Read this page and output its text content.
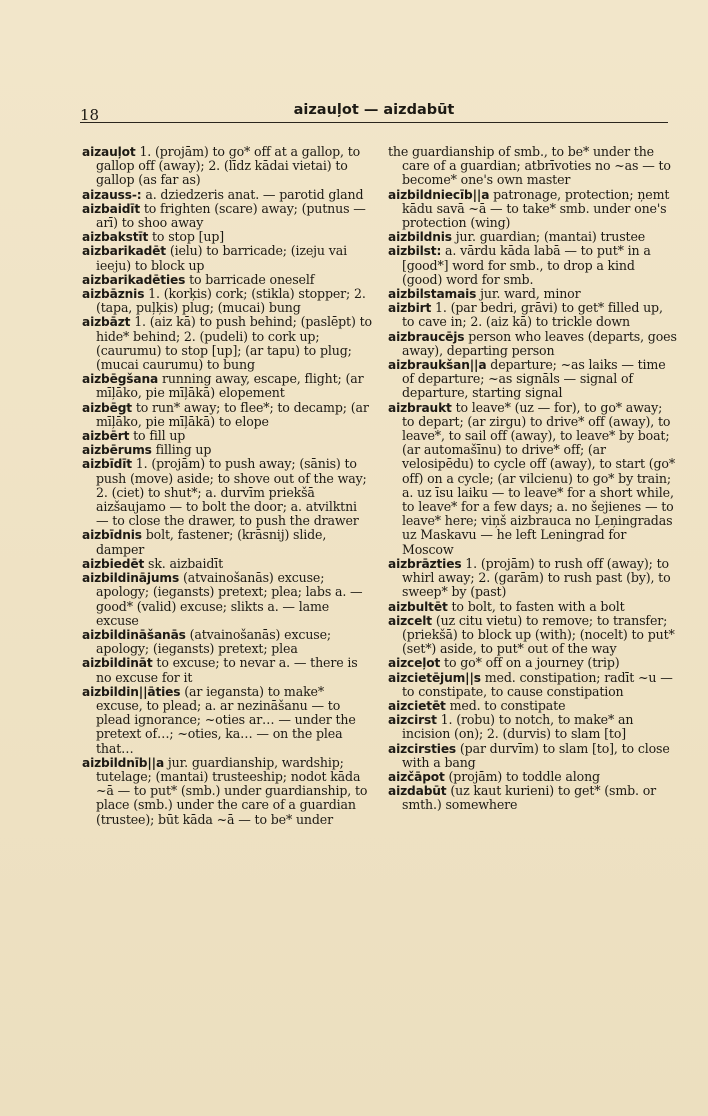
18	aizauļot — aizdabūt
aizauļot 1. (projām) to go* off at a gallop, to gallop off (away); 2. (līdz kādai vietai) to gallop (as far as)
aizauss-: a. dziedzeris anat. — parotid gland
aizbaidīt to frighten (scare) away; (putnus — arī) to shoo away
aizbakstīt to stop [up]
aizbarikadēt (ielu) to barricade; (izeju vai ieeju) to block up
aizbarikadēties to barricade oneself
aizbāznis 1. (korķis) cork; (stikla) stopper; 2. (tapa, puļķis) plug; (mucai) bung
aizbāzt 1. (aiz kā) to push behind; (paslēpt) to hide* behind; 2. (pudeli) to cork up; (caurumu) to stop [up]; (ar tapu) to plug; (mucai caurumu) to bung
aizbēgšana running away, escape, flight; (ar mīļāko, pie mīļākā) elopement
aizbēgt to run* away; to flee*; to decamp; (ar mīļāko, pie mīļākā) to elope
aizbērt to fill up
aizbērums filling up
aizbīdīt 1. (projām) to push away; (sānis) to push (move) aside; to shove out of the way; 2. (ciet) to shut*; a. durvīm priekšā aizšaujamo — to bolt the door; a. atvilktni — to close the drawer, to push the drawer
aizbīdnis bolt, fastener; (krāsnij) slide, damper
aizbiedēt sk. aizbaidīt
aizbildinājums (atvainošanās) excuse; apology; (iegansts) pretext; plea; labs a. — good* (valid) excuse; slikts a. — lame excuse
aizbildināšanās (atvainošanās) excuse; apology; (iegansts) pretext; plea
aizbildināt to excuse; to nevar a. — there is no excuse for it
aizbildin||āties (ar iegansta) to make* excuse, to plead; a. ar nezināšanu — to plead ignorance; ~oties ar… — under the pretext of…; ~oties, ka… — on the plea that…
aizbildnīb||a jur. guardianship, wardship; tutelage; (mantai) trusteeship; nodot kāda ~ā — to put* (smb.) under guardianship, to place (smb.) under the care of a guardian (trustee); būt kāda ~ā — to be* under
the guardianship of smb., to be* under the care of a guardian; atbrīvoties no ~as — to become* one's own master
aizbildniecīb||a patronage, protection; ņemt kādu savā ~ā — to take* smb. under one's protection (wing)
aizbildnis jur. guardian; (mantai) trustee
aizbilst: a. vārdu kāda labā — to put* in a [good*] word for smb., to drop a kind (good) word for smb.
aizbilstamais jur. ward, minor
aizbirt 1. (par bedri, grāvi) to get* filled up, to cave in; 2. (aiz kā) to trickle down
aizbraucējs person who leaves (departs, goes away), departing person
aizbraukšan||a departure; ~as laiks — time of departure; ~as signāls — signal of departure, starting signal
aizbraukt to leave* (uz — for), to go* away; to depart; (ar zirgu) to drive* off (away), to leave*, to sail off (away), to leave* by boat; (ar automašīnu) to drive* off; (ar velosipēdu) to cycle off (away), to start (go* off) on a cycle; (ar vilcienu) to go* by train; a. uz īsu laiku — to leave* for a short while, to leave* for a few days; a. no šejienes — to leave* here; viņš aizbrauca no Ļeņingradas uz Maskavu — he left Leningrad for Moscow
aizbrāzties 1. (projām) to rush off (away); to whirl away; 2. (garām) to rush past (by), to sweep* by (past)
aizbultēt to bolt, to fasten with a bolt
aizcelt (uz citu vietu) to remove; to transfer; (priekšā) to block up (with); (nocelt) to put* (set*) aside, to put* out of the way
aizceļot to go* off on a journey (trip)
aizcietējum||s med. constipation; radīt ~u — to constipate, to cause constipation
aizcietēt med. to constipate
aizcirst 1. (robu) to notch, to make* an incision (on); 2. (durvis) to slam [to]
aizcirsties (par durvīm) to slam [to], to close with a bang
aizčāpot (projām) to toddle along
aizdabūt (uz kaut kurieni) to get* (smb. or smth.) somewhere
